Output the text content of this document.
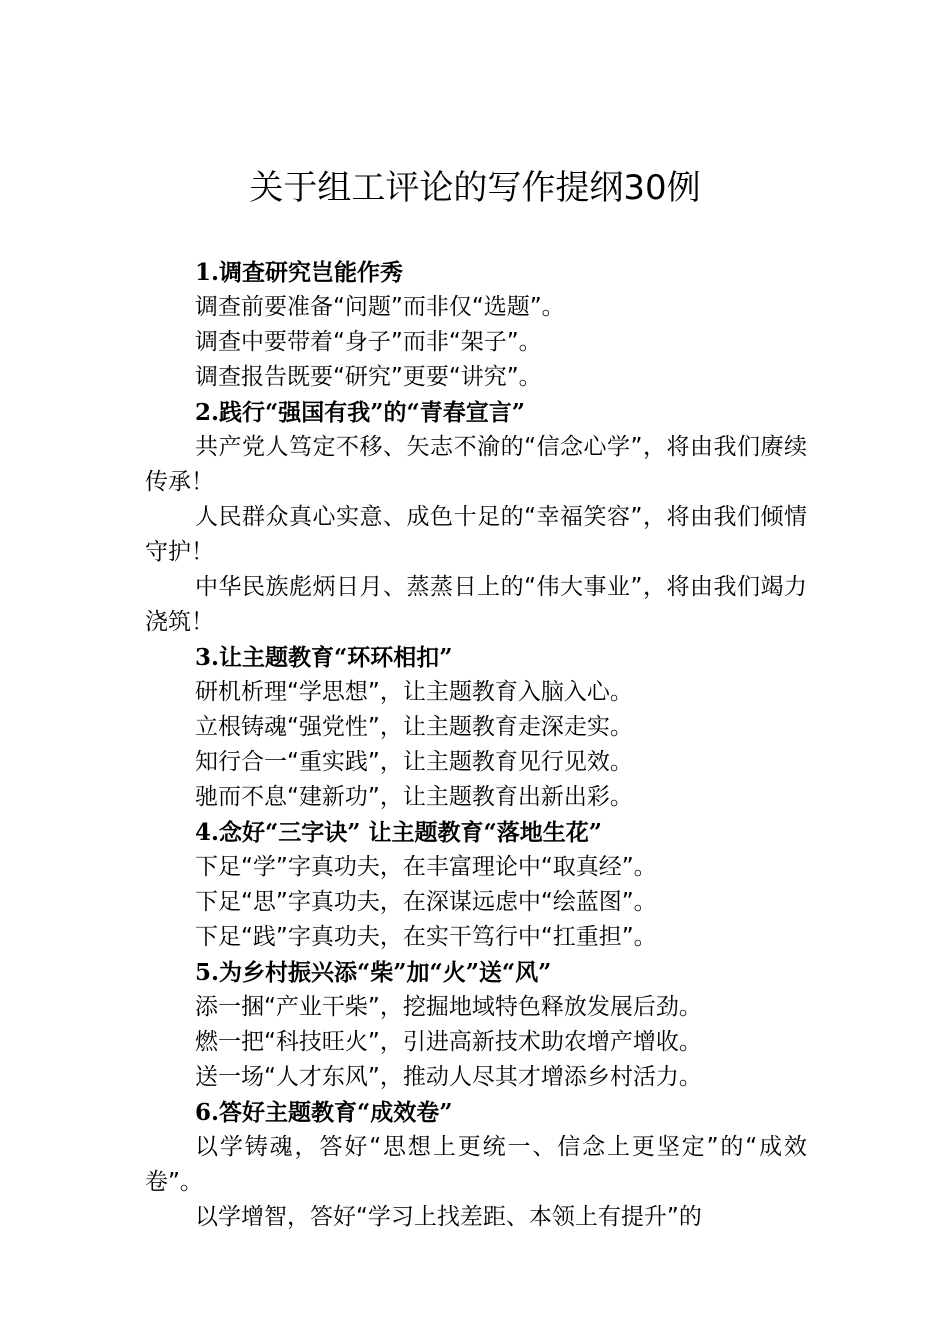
关于组工评论的写作提纲30例
1.调查研究岂能作秀

调查前要准备“问题”而非仅“选题”。

调查中要带着“身子”而非“架子”。

调查报告既要“研究”更要“讲究”。

2.践行“强国有我”的“青春宣言”

共产党人笃定不移、矢志不渝的“信念心学”，将由我们赓续传承！

人民群众真心实意、成色十足的“幸福笑容”，将由我们倾情守护！

中华民族彪炳日月、蒸蒸日上的“伟大事业”，将由我们竭力浇筑！

3.让主题教育“环环相扣”

研机析理“学思想”，让主题教育入脑入心。

立根铸魂“强党性”，让主题教育走深走实。

知行合一“重实践”，让主题教育见行见效。

驰而不息“建新功”，让主题教育出新出彩。

4.念好“三字诀” 让主题教育“落地生花”

下足“学”字真功夫，在丰富理论中“取真经”。

下足“思”字真功夫，在深谋远虑中“绘蓝图”。

下足“践”字真功夫，在实干笃行中“扛重担”。

5.为乡村振兴添“柴”加“火”送“风”

添一捆“产业干柴”，挖掘地域特色释放发展后劲。

燃一把“科技旺火”，引进高新技术助农增产增收。

送一场“人才东风”，推动人尽其才增添乡村活力。

6.答好主题教育“成效卷”

以学铸魂，答好“思想上更统一、信念上更坚定”的“成效卷”。

以学增智，答好“学习上找差距、本领上有提升”的
